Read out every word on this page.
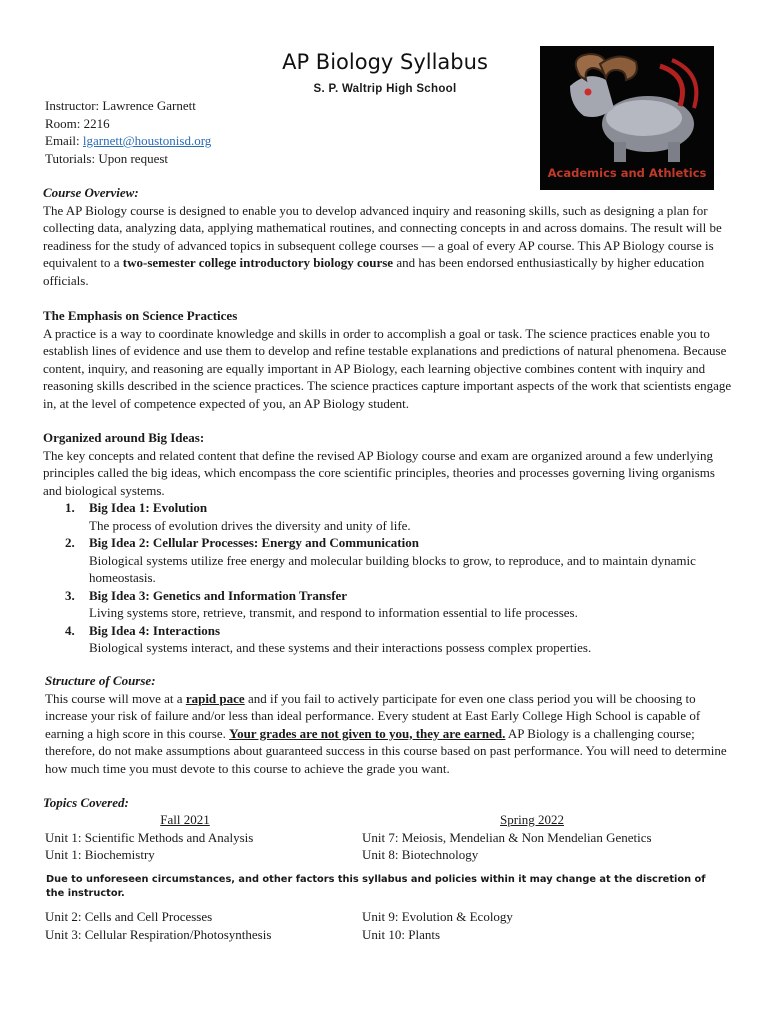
AP Biology Syllabus
S. P. Waltrip High School
Instructor: Lawrence Garnett
Room: 2216
Email: lgarnett@houstonisd.org
Tutorials: Upon request
Academics and Athletics
Course Overview:

The AP Biology course is designed to enable you to develop advanced inquiry and reasoning skills, such as designing a plan for collecting data, analyzing data, applying mathematical routines, and connecting concepts in and across domains. The result will be readiness for the study of advanced topics in subsequent college courses — a goal of every AP course. This AP Biology course is equivalent to a two-semester college introductory biology course and has been endorsed enthusiastically by higher education officials.

The Emphasis on Science Practices

A practice is a way to coordinate knowledge and skills in order to accomplish a goal or task. The science practices enable you to establish lines of evidence and use them to develop and refine testable explanations and predictions of natural phenomena. Because content, inquiry, and reasoning are equally important in AP Biology, each learning objective combines content with inquiry and reasoning skills described in the science practices. The science practices capture important aspects of the work that scientists engage in, at the level of competence expected of you, an AP Biology student.

Organized around Big Ideas:

The key concepts and related content that define the revised AP Biology course and exam are organized around a few underlying principles called the big ideas, which encompass the core scientific principles, theories and processes governing living organisms and biological systems.

1. Big Idea 1: Evolution
The process of evolution drives the diversity and unity of life.
2. Big Idea 2: Cellular Processes: Energy and Communication
Biological systems utilize free energy and molecular building blocks to grow, to reproduce, and to maintain dynamic homeostasis.
3. Big Idea 3: Genetics and Information Transfer
Living systems store, retrieve, transmit, and respond to information essential to life processes.
4. Big Idea 4: Interactions
Biological systems interact, and these systems and their interactions possess complex properties.
Structure of Course:

This course will move at a rapid pace and if you fail to actively participate for even one class period you will be choosing to increase your risk of failure and/or less than ideal performance. Every student at East Early College High School is capable of earning a high score in this course. Your grades are not given to you, they are earned. AP Biology is a challenging course; therefore, do not make assumptions about guaranteed success in this course based on past performance. You will need to determine how much time you must devote to this course to achieve the grade you want.

Topics Covered:
Fall 2021
Unit 1: Scientific Methods and Analysis
Unit 1: Biochemistry
Spring 2022
Unit 7: Meiosis, Mendelian & Non Mendelian Genetics
Unit 8: Biotechnology
Due to unforeseen circumstances, and other factors this syllabus and policies within it may change at the discretion of the instructor.
Unit 2: Cells and Cell Processes
Unit 3: Cellular Respiration/Photosynthesis
Unit 9: Evolution & Ecology
Unit 10: Plants
